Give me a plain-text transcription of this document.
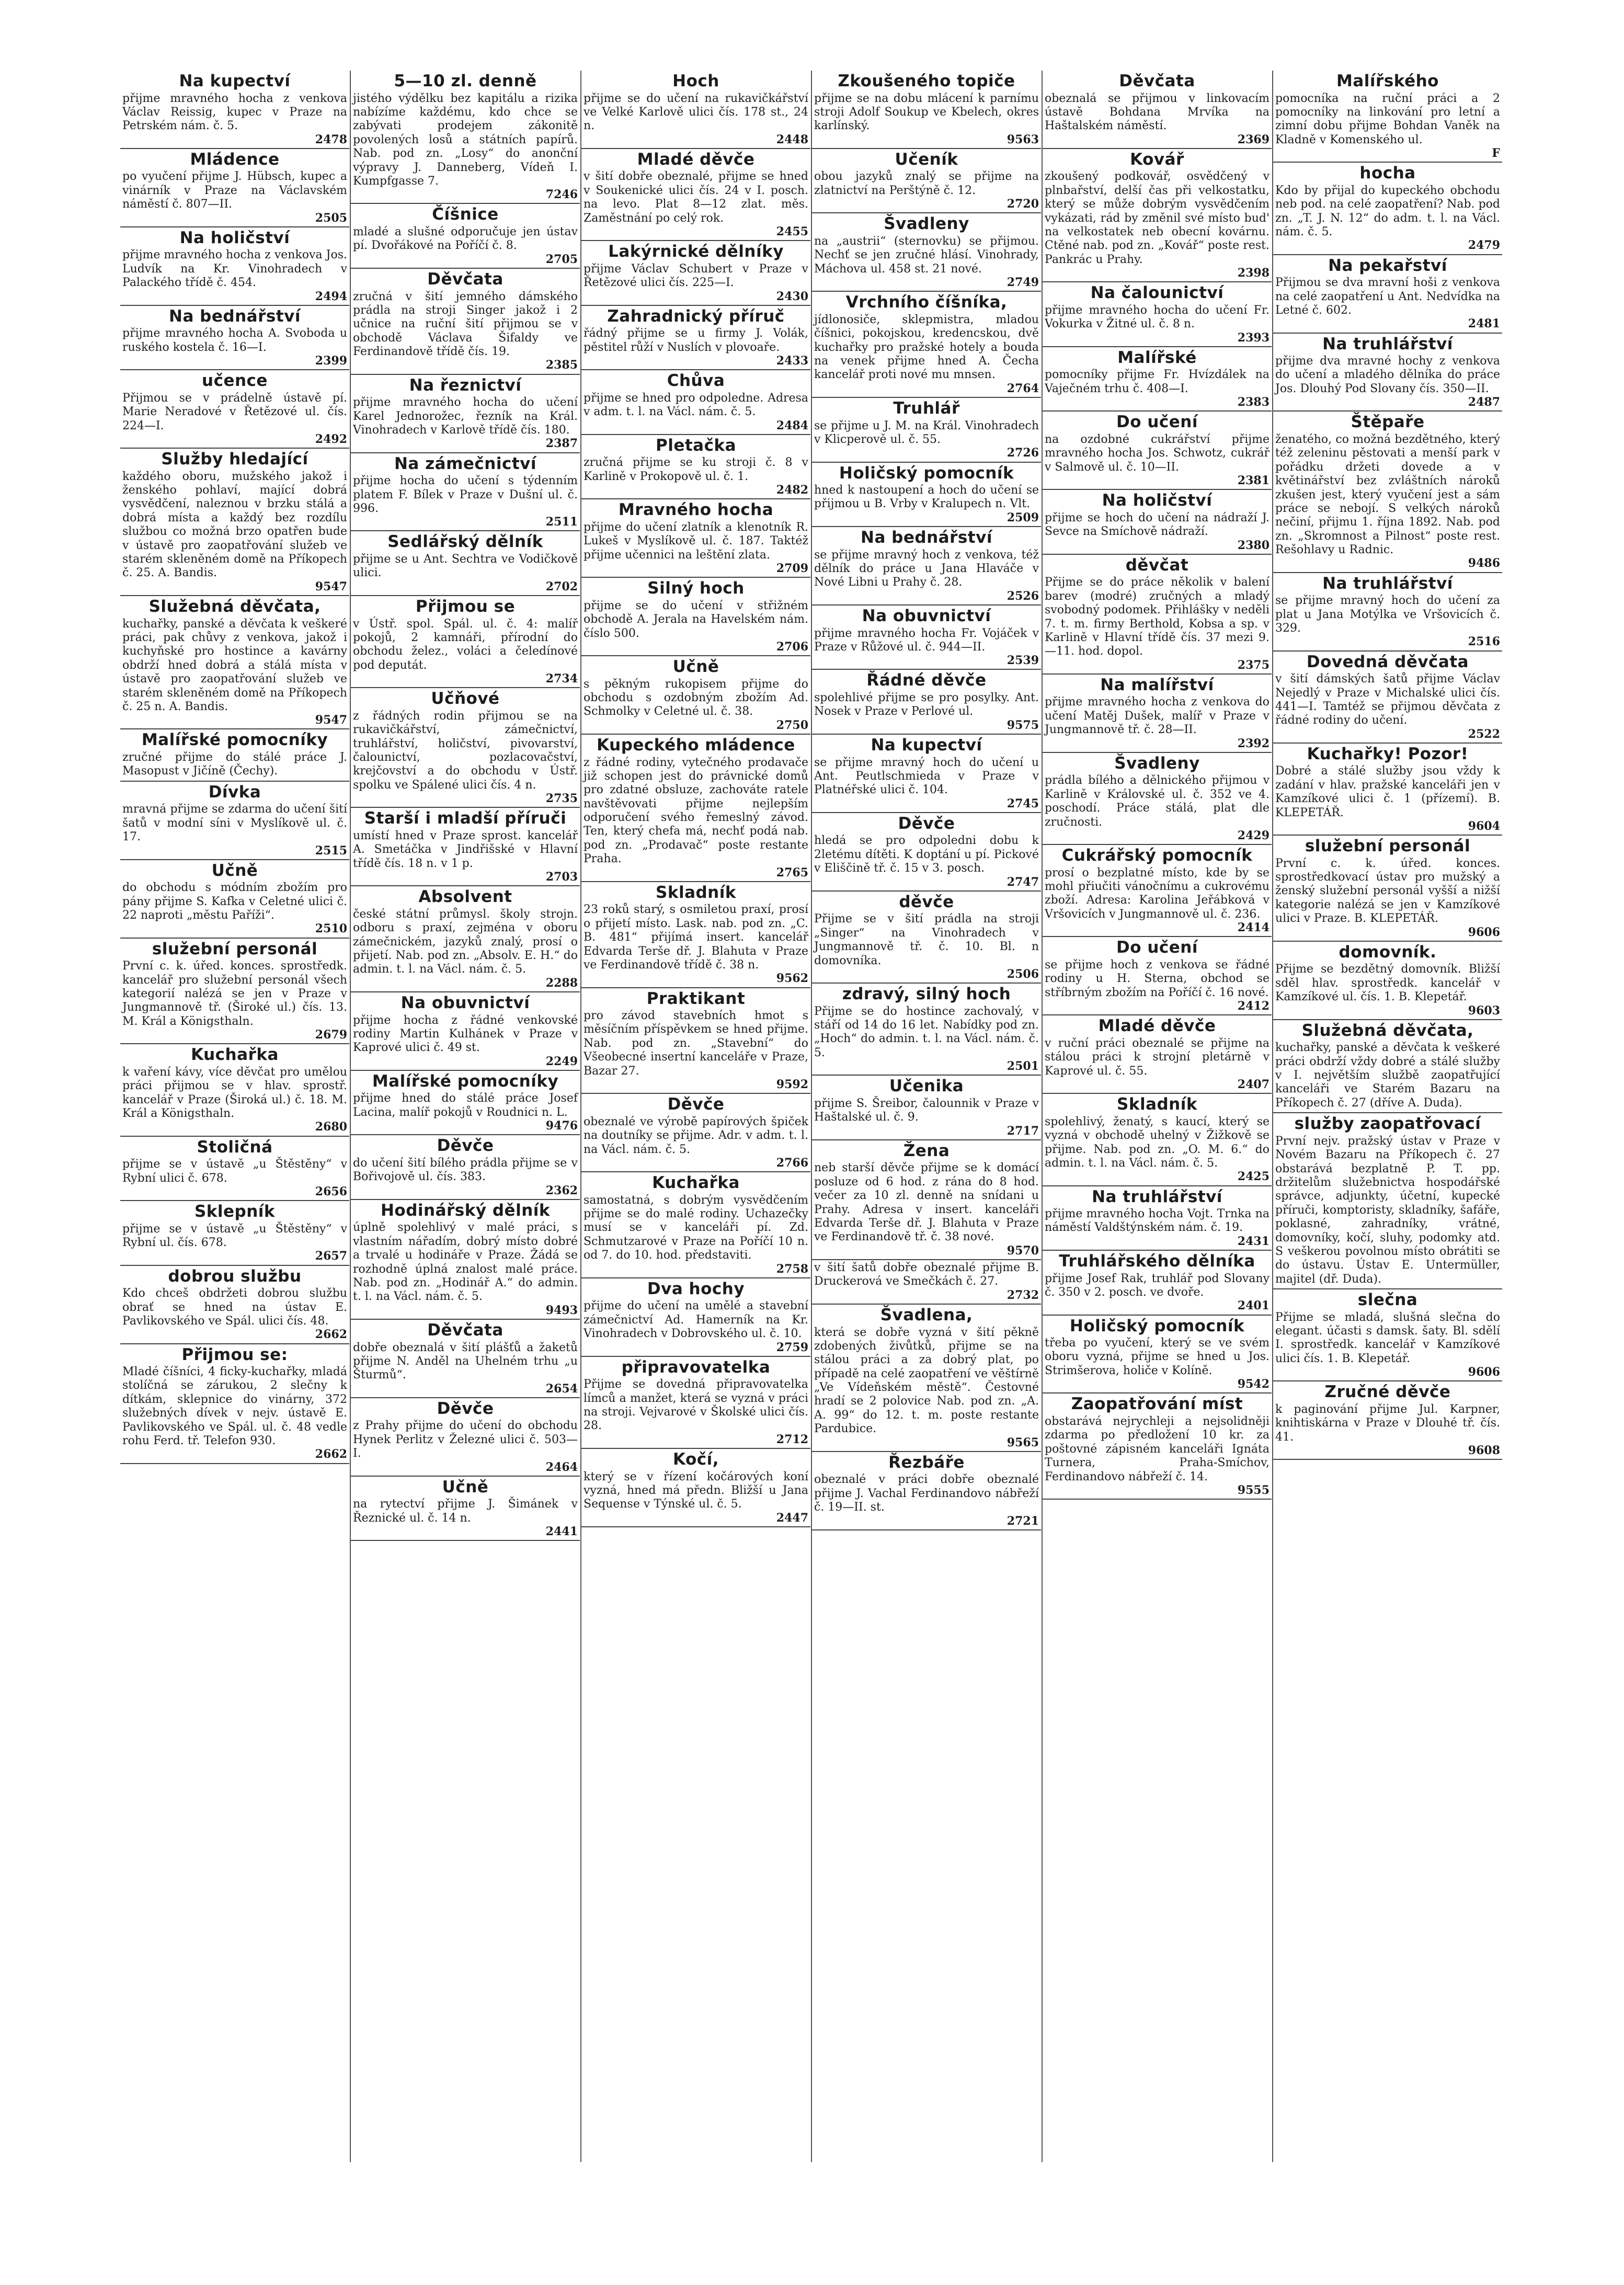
Na kupectví

přijme mravného hocha z venkova Václav Reissig, kupec v Praze na Petrském nám. č. 5.

2478
Mládence

po vyučení přijme J. Hübsch, kupec a vinárník v Praze na Václavském náměstí č. 807—II.

2505
Na holičství

přijme mravného hocha z venkova Jos. Ludvík na Kr. Vinohradech v Palackého třídě č. 454.

2494
Na bednářství

přijme mravného hocha A. Svoboda u ruského kostela č. 16—I.

2399
učence

Přijmou se v prádelně ústavě pí. Marie Neradové v Řetězové ul. čís. 224—I.

2492
Služby hledající

každého oboru, mužského jakož i ženského pohlaví, mající dobrá vysvědčení, naleznou v brzku stálá a dobrá místa a každý bez rozdílu službou co možná brzo opatřen bude v ústavě pro zaopatřování služeb ve starém skleněném domě na Příkopech č. 25. A. Bandis.

9547
Služebná děvčata,

kuchařky, panské a děvčata k veškeré práci, pak chůvy z venkova, jakož i kuchyňské pro hostince a kavárny obdrží hned dobrá a stálá místa v ústavě pro zaopatřování služeb ve starém skleněném domě na Příkopech č. 25 n. A. Bandis.

9547
Malířské pomocníky

zručné přijme do stálé práce J. Masopust v Jičíně (Čechy).

Dívka

mravná přijme se zdarma do učení šití šatů v modní síni v Myslíkově ul. č. 17.

2515
Učně

do obchodu s módním zbožím pro pány přijme S. Kafka v Celetné ulici č. 22 naproti „městu Paříži“.

2510
služební personál

První c. k. úřed. konces. sprostředk. kancelář pro služební personál všech kategorií nalézá se jen v Praze v Jungmannově tř. (Široké ul.) čís. 13. M. Král a Königsthaln.

2679
Kuchařka

k vaření kávy, více děvčat pro umělou práci přijmou se v hlav. sprostř. kancelář v Praze (Široká ul.) č. 18. M. Král a Königsthaln.

2680
Stoličná

přijme se v ústavě „u Štěstěny“ v Rybní ulici č. 678.

2656
Sklepník

přijme se v ústavě „u Štěstěny“ v Rybní ul. čís. 678.

2657
dobrou službu

Kdo chceš obdržeti dobrou službu obrať se hned na ústav E. Pavlikovského ve Spál. ulici čís. 48.

2662
Přijmou se:

Mladé číšníci, 4 ficky-kuchařky, mladá stolíčná se zárukou, 2 slečny k dítkám, sklepnice do vinárny, 372 služebných dívek v nejv. ústavě E. Pavlikovského ve Spál. ul. č. 48 vedle rohu Ferd. tř. Telefon 930.

2662
5—10 zl. denně

jistého výdělku bez kapitálu a rizika nabízíme každému, kdo chce se zabývati prodejem zákonitě povolených losů a státních papírů. Nab. pod zn. „Losy“ do anonční výpravy J. Danneberg, Vídeň I. Kumpfgasse 7.

7246
Číšnice

mladé a slušné odporučuje jen ústav pí. Dvořákové na Poříčí č. 8.

2705
Děvčata

zručná v šití jemného dámského prádla na stroji Singer jakož i 2 učnice na ruční šití přijmou se v obchodě Václava Šifaldy ve Ferdinandově třídě čís. 19.

2385
Na řeznictví

přijme mravného hocha do učení Karel Jednorožec, řezník na Král. Vinohradech v Karlově třídě čís. 180.

2387
Na zámečnictví

přijme hocha do učení s týdenním platem F. Bílek v Praze v Dušní ul. č. 996.

2511
Sedlářský dělník

přijme se u Ant. Sechtra ve Vodičkově ulici.

2702
Přijmou se

v Ústř. spol. Spál. ul. č. 4: malíř pokojů, 2 kamnáři, přírodní do obchodu želez., voláci a čeledínové pod deputát.

2734
Učňové

z řádných rodin přijmou se na rukavičkářství, zámečnictví, truhlářství, holičství, pivovarství, čalounictví, pozlacovačství, krejčovství a do obchodu v Ústř. spolku ve Spálené ulici čís. 4 n.

2735
Starší i mladší příruči

umístí hned v Praze sprost. kancelář A. Smetáčka v Jindřišské v Hlavní třídě čís. 18 n. v 1 p.

2703
Absolvent

české státní průmysl. školy strojn. odboru s praxí, zejména v oboru zámečnickém, jazyků znalý, prosí o přijetí. Nab. pod zn. „Absolv. E. H.“ do admin. t. l. na Václ. nám. č. 5.

2288
Na obuvnictví

přijme hocha z řádné venkovské rodiny Martin Kulhánek v Praze v Kaprové ulici č. 49 st.

2249
Malířské pomocníky

přijme hned do stálé práce Josef Lacina, malíř pokojů v Roudnici n. L.

9476
Děvče

do učení šití bílého prádla přijme se v Bořivojově ul. čís. 383.

2362
Hodinářský dělník

úplně spolehlivý v malé práci, s vlastním nářadím, dobrý místo dobré a trvalé u hodináře v Praze. Žádá se rozhodně úplná znalost malé práce. Nab. pod zn. „Hodinář A.“ do admin. t. l. na Václ. nám. č. 5.

9493
Děvčata

dobře obeznalá v šití plášťů a žaketů přijme N. Anděl na Uhelném trhu „u Šturmů“.

2654
Děvče

z Prahy přijme do učení do obchodu Hynek Perlitz v Železné ulici č. 503—I.

2464
Učně

na rytectví přijme J. Šimánek v Řeznické ul. č. 14 n.

2441
Hoch

přijme se do učení na rukavičkářství ve Velké Karlově ulici čís. 178 st., 24 n.

2448
Mladé děvče

v šití dobře obeznalé, přijme se hned v Soukenické ulici čís. 24 v I. posch. na levo. Plat 8—12 zlat. měs. Zaměstnání po celý rok.

2455
Lakýrnické dělníky

přijme Václav Schubert v Praze v Řetězové ulici čís. 225—I.

2430
Zahradnický příruč

řádný přijme se u firmy J. Volák, pěstitel růží v Nuslích v plovoaře.

2433
Chůva

přijme se hned pro odpoledne. Adresa v adm. t. l. na Václ. nám. č. 5.

2484
Pletačka

zručná přijme se ku stroji č. 8 v Karlině v Prokopově ul. č. 1.

2482
Mravného hocha

přijme do učení zlatník a klenotník R. Lukeš v Myslíkově ul. č. 187. Taktéž přijme učennici na leštění zlata.

2709
Silný hoch

přijme se do učení v střižném obchodě A. Jerala na Havelském nám. číslo 500.

2706
Učně

s pěkným rukopisem přijme do obchodu s ozdobným zbožím Ad. Schmolky v Celetné ul. č. 38.

2750
Kupeckého mládence

z řádné rodiny, vytečného prodavače již schopen jest do právnické domů pro zdatné obsluze, zachováte ratele navštěvovati přijme nejlepším odporučení svého řemeslný závod. Ten, který chefa má, nechť podá nab. pod zn. „Prodavač“ poste restante Praha.

2765
Skladník

23 roků starý, s osmiletou praxí, prosí o přijetí místo. Lask. nab. pod zn. „C. B. 481“ přijímá insert. kancelář Edvarda Terše dř. J. Blahuta v Praze ve Ferdinandově třídě č. 38 n.

9562
Praktikant

pro závod stavebních hmot s měsíčním příspěvkem se hned přijme. Nab. pod zn. „Stavební“ do Všeobecné insertní kanceláře v Praze, Bazar 27.

9592
Děvče

obeznalé ve výrobě papírových špiček na doutníky se přijme. Adr. v adm. t. l. na Václ. nám. č. 5.

2766
Kuchařka

samostatná, s dobrým vysvědčením přijme se do malé rodiny. Uchazečky musí se v kanceláři pí. Zd. Schmutzarové v Praze na Poříčí 10 n. od 7. do 10. hod. představiti.

2758
Dva hochy

přijme do učení na umělé a stavební zámečnictví Ad. Hamerník na Kr. Vinohradech v Dobrovského ul. č. 10.

2759
připravovatelka

Přijme se dovedná připravovatelka límců a manžet, která se vyzná v práci na stroji. Vejvarové v Školské ulici čís. 28.

2712
Kočí,

který se v řízení kočárových koní vyzná, hned má předn. Bližší u Jana Sequense v Týnské ul. č. 5.

2447
Zkoušeného topiče

přijme se na dobu mlácení k parnímu stroji Adolf Soukup ve Kbelech, okres karlínský.

9563
Učeník

obou jazyků znalý se přijme na zlatnictví na Perštýně č. 12.

2720
Švadleny

na „austrii“ (sternovku) se přijmou. Nechť se jen zručné hlásí. Vinohrady, Máchova ul. 458 st. 21 nové.

2749
Vrchního číšníka,

jídlonosiče, sklepmistra, mladou číšnici, pokojskou, kredencskou, dvě kuchařky pro pražské hotely a bouda na venek přijme hned A. Čecha kancelář proti nové mu mnsen.

2764
Truhlář

se přijme u J. M. na Král. Vinohradech v Klicperově ul. č. 55.

2726
Holičský pomocník

hned k nastoupení a hoch do učení se přijmou u B. Vrby v Kralupech n. Vlt.

2509
Na bednářství

se přijme mravný hoch z venkova, též dělník do práce u Jana Hlaváče v Nové Libni u Prahy č. 28.

2526
Na obuvnictví

přijme mravného hocha Fr. Vojáček v Praze v Růžové ul. č. 944—II.

2539
Řádné děvče

spolehlivé přijme se pro posylky. Ant. Nosek v Praze v Perlové ul.

9575
Na kupectví

se přijme mravný hoch do učení u Ant. Peutlschmieda v Praze v Platnéřské ulici č. 104.

2745
Děvče

hledá se pro odpoledni dobu k 2letému dítěti. K doptání u pí. Pickové v Eliščině tř. č. 15 v 3. posch.

2747
děvče

Přijme se v šití prádla na stroji „Singer“ na Vinohradech v Jungmannově tř. č. 10. Bl. n domovníka.

2506
zdravý, silný hoch

Přijme se do hostince zachovalý, v stáří od 14 do 16 let. Nabídky pod zn. „Hoch“ do admin. t. l. na Václ. nám. č. 5.

2501
Učenika

přijme S. Šreibor, čalounnik v Praze v Haštalské ul. č. 9.

2717
Žena

neb starší děvče přijme se k domácí posluze od 6 hod. z rána do 8 hod. večer za 10 zl. denně na snídani u Prahy. Adresa v insert. kanceláři Edvarda Terše dř. J. Blahuta v Praze ve Ferdinandově tř. č. 38 nové.

9570

v šití šatů dobře obeznalé přijme B. Druckerová ve Smečkách č. 27.

2732
Švadlena,

která se dobře vyzná v šití pěkně zdobených živůtků, přijme se na stálou práci a za dobrý plat, po případě na celé zaopatření ve věštírně „Ve Vídeňském městě“. Čestovné hradí se 2 polovice Nab. pod zn. „A. A. 99“ do 12. t. m. poste restante Pardubice.

9565
Řezbáře

obeznalé v práci dobře obeznalé přijme J. Vachal Ferdinandovo nábřeží č. 19—II. st.

2721
Děvčata

obeznalá se přijmou v linkovacím ústavě Bohdana Mrvíka na Haštalském náměstí.

2369
Kovář

zkoušený podkovář, osvědčený v plnbařství, delší čas při velkostatku, který se může dobrým vysvědčením vykázati, rád by změnil své místo bud' na velkostatek neb obecní kovárnu. Ctěné nab. pod zn. „Kovář“ poste rest. Pankrác u Prahy.

2398
Na čalounictví

přijme mravného hocha do učení Fr. Vokurka v Žitné ul. č. 8 n.

2393
Malířské

pomocníky přijme Fr. Hvízdálek na Vaječném trhu č. 408—I.

2383
Do učení

na ozdobné cukrářství přijme mravného hocha Jos. Schwotz, cukrář v Salmově ul. č. 10—II.

2381
Na holičství

přijme se hoch do učení na nádraží J. Sevce na Smíchově nádraží.

2380
děvčat

Přijme se do práce několik v balení barev (modré) zručných a mladý svobodný podomek. Přihlášky v neděli 7. t. m. firmy Berthold, Kobsa a sp. v Karlině v Hlavní třídě čís. 37 mezi 9.—11. hod. dopol.

2375
Na malířství

přijme mravného hocha z venkova do učení Matěj Dušek, malíř v Praze v Jungmannově tř. č. 28—II.

2392
Švadleny

prádla bílého a dělnického přijmou v Karlině v Královské ul. č. 352 ve 4. poschodí. Práce stálá, plat dle zručnosti.

2429
Cukrářský pomocník

prosí o bezplatné místo, kde by se mohl přiučiti vánočnímu a cukrovému zboží. Adresa: Karolina Jeřábková v Vršovicích v Jungmannově ul. č. 236.

2414
Do učení

se přijme hoch z venkova se řádné rodiny u H. Sterna, obchod se stříbrným zbožím na Poříčí č. 16 nové.

2412
Mladé děvče

v ruční práci obeznalé se přijme na stálou práci k strojní pletárně v Kaprové ul. č. 55.

2407
Skladník

spolehlivý, ženatý, s kaucí, který se vyzná v obchodě uhelný v Žižkově se přijme. Nab. pod zn. „O. M. 6.“ do admin. t. l. na Václ. nám. č. 5.

2425
Na truhlářství

přijme mravného hocha Vojt. Trnka na náměstí Valdštýnském nám. č. 19.

2431
Truhlářského dělníka

přijme Josef Rak, truhlář pod Slovany č. 350 v 2. posch. ve dvoře.

2401
Holičský pomocník

třeba po vyučení, který se ve svém oboru vyzná, přijme se hned u Jos. Strimšerova, holiče v Kolíně.

9542
Zaopatřování míst

obstarává nejrychleji a nejsolidněji zdarma po předložení 10 kr. za poštovné zápisném kanceláři Ignáta Turnera, Praha-Smíchov, Ferdinandovo nábřeží č. 14.

9555
Malířského

pomocníka na ruční práci a 2 pomocníky na linkování pro letní a zimní dobu přijme Bohdan Vaněk na Kladně v Komenského ul.

F
hocha

Kdo by přijal do kupeckého obchodu neb pod. na celé zaopatření? Nab. pod zn. „T. J. N. 12“ do adm. t. l. na Václ. nám. č. 5.

2479
Na pekařství

Přijmou se dva mravní hoši z venkova na celé zaopatření u Ant. Nedvídka na Letné č. 602.

2481
Na truhlářství

přijme dva mravné hochy z venkova do učení a mladého dělníka do práce Jos. Dlouhý Pod Slovany čís. 350—II.

2487
Štěpaře

ženatého, co možná bezdětného, který též zeleninu pěstovati a menší park v pořádku držeti dovede a v květinářství bez zvláštních nároků zkušen jest, který vyučení jest a sám práce se nebojí. S velkých nároků nečiní, přijmu 1. října 1892. Nab. pod zn. „Skromnost a Pilnost“ poste rest. Rešohlavy u Radnic.

9486
Na truhlářství

se přijme mravný hoch do učení za plat u Jana Motýlka ve Vršovicích č. 329.

2516
Dovedná děvčata

v šití dámských šatů přijme Václav Nejedlý v Praze v Michalské ulici čís. 441—I. Tamtéž se přijmou děvčata z řádné rodiny do učení.

2522
Kuchařky! Pozor!

Dobré a stálé služby jsou vždy k zadání v hlav. pražské kanceláři jen v Kamzíkové ulici č. 1 (přízemí). B. KLEPETÁŘ.

9604
služební personál

První c. k. úřed. konces. sprostředkovací ústav pro mužský a ženský služební personál vyšší a nižší kategorie nalézá se jen v Kamzíkové ulici v Praze. B. KLEPETÁŘ.

9606
domovník.

Přijme se bezdětný domovník. Bližší sděl hlav. sprostředk. kancelář v Kamzíkové ul. čís. 1. B. Klepetář.

9603
Služebná děvčata,

kuchařky, panské a děvčata k veškeré práci obdrží vždy dobré a stálé služby v I. největším službě zaopatřující kanceláři ve Starém Bazaru na Příkopech č. 27 (dříve A. Duda).

služby zaopatřovací

První nejv. pražský ústav v Praze v Novém Bazaru na Příkopech č. 27 obstarává bezplatně P. T. pp. držitelům služebnictva hospodářské správce, adjunkty, účetní, kupecké příruči, komptoristy, skladníky, šafáře, poklasné, zahradníky, vrátné, domovníky, kočí, sluhy, podomky atd. S veškerou povolnou místo obrátiti se do ústavu. Ústav E. Untermüller, majitel (dř. Duda).

slečna

Přijme se mladá, slušná slečna do elegant. účasti s damsk. šaty. Bl. sdělí I. sprostředk. kancelář v Kamzíkové ulici čís. 1. B. Klepetář.

9606
Zručné děvče

k paginování přijme Jul. Karpner, knihtiskárna v Praze v Dlouhé tř. čís. 41.

9608
